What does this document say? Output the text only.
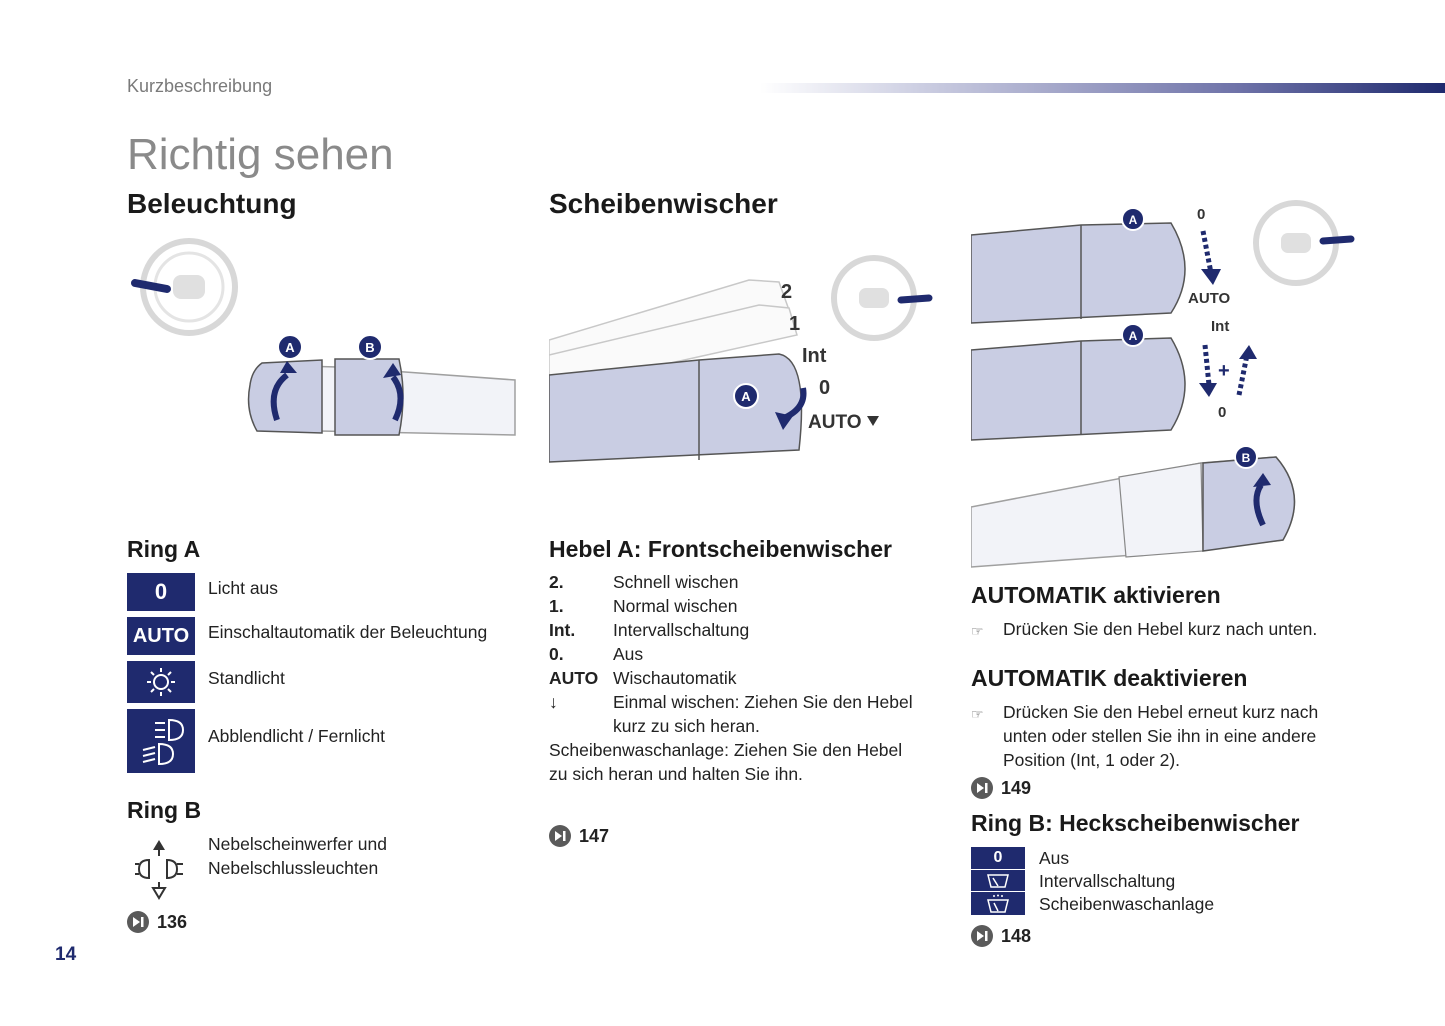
Kurzbeschreibung
Richtig sehen
Beleuchtung	Scheibenwischer
A	B
Ring A
0 Licht aus
AUTO Einschaltautomatik der Beleuchtung
Standlicht
Abblendlicht / Fernlicht
Ring B
Nebelscheinwerfer und
Nebelschlussleuchten
136
A
2
1
Int
0
AUTO
Hebel A: Frontscheibenwischer
2.	Schnell wischen
1.	Normal wischen
Int.	Intervallschaltung
0.	Aus
AUTO Wischautomatik
↓	Einmal wischen: Ziehen Sie den Hebel
kurz zu sich heran.
Scheibenwaschanlage: Ziehen Sie den Hebel
zu sich heran und halten Sie ihn.
147
A	0
AUTO
A
Int
+
0
B
AUTOMATIK aktivieren
☞	Drücken Sie den Hebel kurz nach unten.
AUTOMATIK deaktivieren
☞	Drücken Sie den Hebel erneut kurz nach
unten oder stellen Sie ihn in eine andere
Position (Int, 1 oder 2).
149
Ring B: Heckscheibenwischer
0 Aus
Intervallschaltung
Scheibenwaschanlage
148
14
